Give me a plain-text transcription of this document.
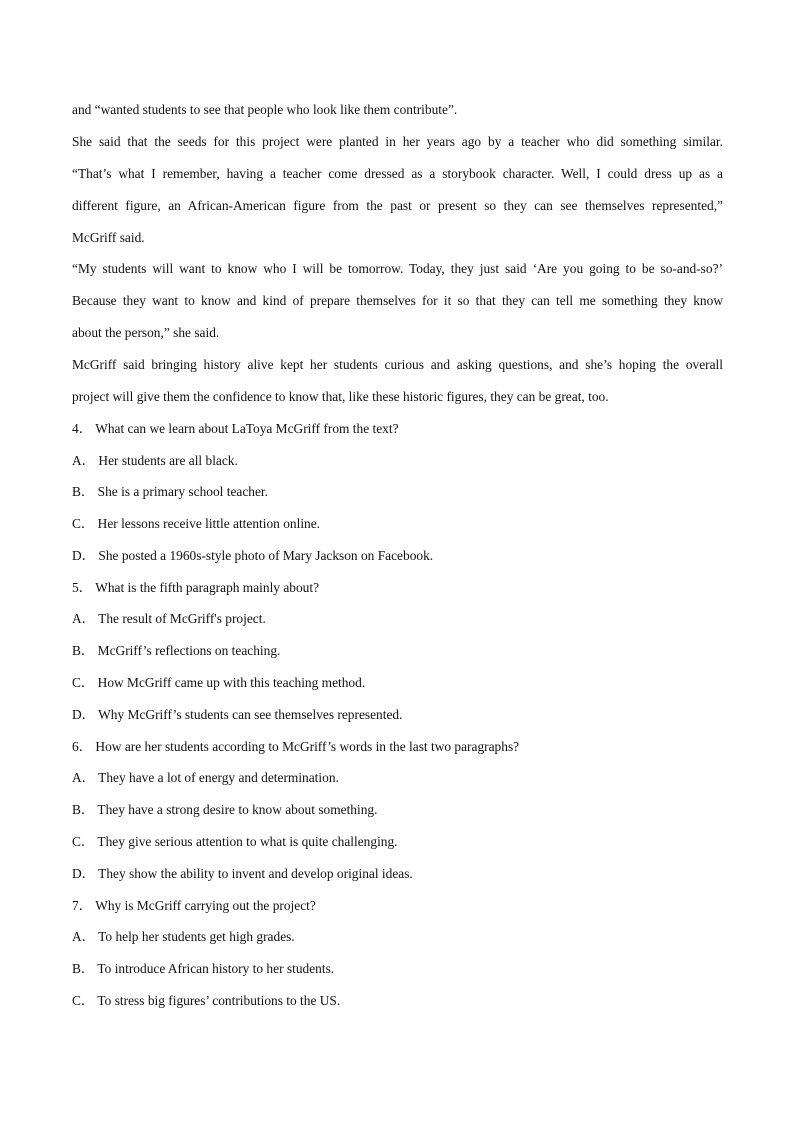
and “wanted students to see that people who look like them contribute”.
She said that the seeds for this project were planted in her years ago by a teacher who did something similar.
“That’s what I remember, having a teacher come dressed as a storybook character. Well, I could dress up as a
different figure, an African-American figure from the past or present so they can see themselves represented,”
McGriff said.
“My students will want to know who I will be tomorrow. Today, they just said ‘Are you going to be so-and-so?’
Because they want to know and kind of prepare themselves for it so that they can tell me something they know
about the person,” she said.
McGriff said bringing history alive kept her students curious and asking questions, and she’s hoping the overall
project will give them the confidence to know that, like these historic figures, they can be great, too.
4． What can we learn about LaToya McGriff from the text?
A． Her students are all black.
B． She is a primary school teacher.
C． Her lessons receive little attention online.
D． She posted a 1960s-style photo of Mary Jackson on Facebook.
5． What is the fifth paragraph mainly about?
A． The result of McGriff's project.
B． McGriff’s reflections on teaching.
C． How McGriff came up with this teaching method.
D． Why McGriff’s students can see themselves represented.
6． How are her students according to McGriff’s words in the last two paragraphs?
A． They have a lot of energy and determination.
B． They have a strong desire to know about something.
C． They give serious attention to what is quite challenging.
D． They show the ability to invent and develop original ideas.
7． Why is McGriff carrying out the project?
A． To help her students get high grades.
B． To introduce African history to her students.
C． To stress big figures’ contributions to the US.
